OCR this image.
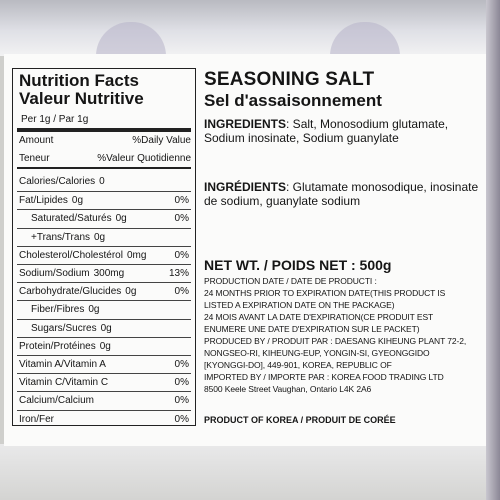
Nutrition Facts
Valeur Nutritive
Per 1g / Par 1g
Amount	%Daily Value
Teneur	%Valeur Quotidienne
Calories/Calories 0
Fat/Lipides 0g	0%
Saturated/Saturés 0g	0%
+Trans/Trans 0g
Cholesterol/Cholestérol 0mg	0%
Sodium/Sodium 300mg	13%
Carbohydrate/Glucides 0g	0%
Fiber/Fibres 0g
Sugars/Sucres 0g
Protein/Protéines 0g
Vitamin A/Vitamin A	0%
Vitamin C/Vitamin C	0%
Calcium/Calcium	0%
Iron/Fer	0%
SEASONING SALT
Sel d'assaisonnement
INGREDIENTS: Salt, Monosodium glutamate, Sodium inosinate, Sodium guanylate
INGRÉDIENTS: Glutamate monosodique, inosinate de sodium, guanylate sodium
NET WT. / POIDS NET : 500g
PRODUCTION DATE / DATE DE PRODUCTI :
24 MONTHS PRIOR TO EXPIRATION DATE(THIS PRODUCT IS
LISTED A EXPIRATION DATE ON THE PACKAGE)
24 MOIS AVANT LA DATE D'EXPIRATION(CE PRODUIT EST
ENUMERE UNE DATE D'EXPIRATION SUR LE PACKET)
PRODUCED BY / PRODUIT PAR : DAESANG KIHEUNG PLANT 72-2,
NONGSEO-RI, KIHEUNG-EUP, YONGIN-SI, GYEONGGIDO
[KYONGGI-DO], 449-901, KOREA, REPUBLIC OF
IMPORTED BY / IMPORTE PAR : KOREA FOOD TRADING LTD
8500 Keele Street Vaughan, Ontario L4K 2A6
PRODUCT OF KOREA / PRODUIT DE CORÉE
